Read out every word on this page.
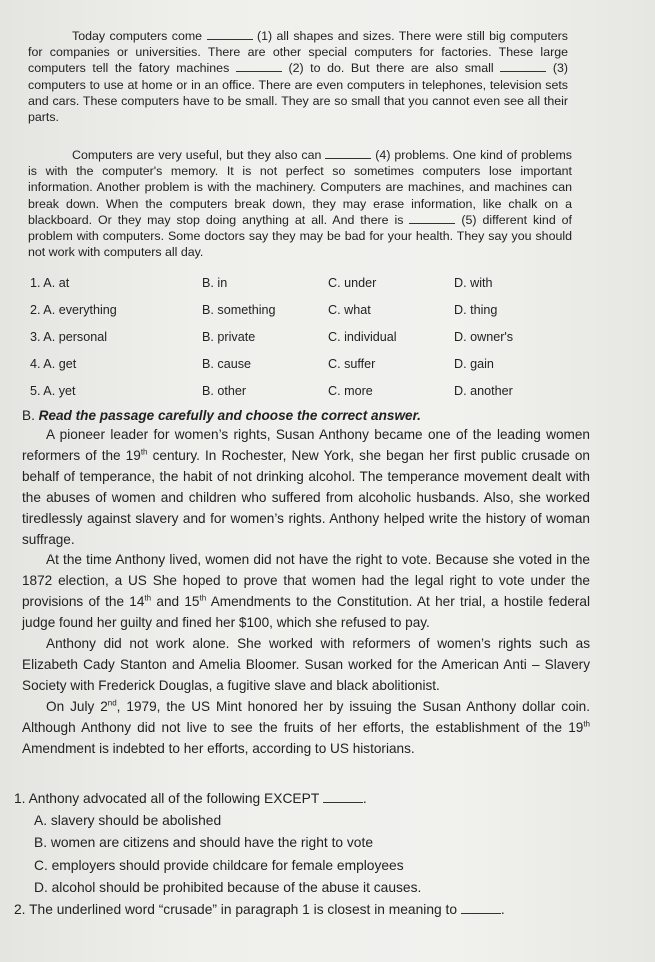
Today computers come	(1) all shapes and sizes. There were still big computers for companies or universities. There are other special computers for factories. These large computers tell the fatory machines	(2) to do. But there are also small	(3) computers to use at home or in an office. There are even computers in telephones, television sets and cars. These computers have to be small. They are so small that you cannot even see all their parts.

Computers are very useful, but they also can	(4) problems. One kind of problems is with the computer's memory. It is not perfect so sometimes computers lose important information. Another problem is with the machinery. Computers are machines, and machines can break down. When the computers break down, they may erase information, like chalk on a blackboard. Or they may stop doing anything at all. And there is	(5) different kind of problem with computers. Some doctors say they may be bad for your health. They say you should not work with computers all day.

1. A. at	B. in	C. under	D. with
2. A. everything	B. something	C. what	D. thing
3. A. personal	B. private	C. individual	D. owner's
4. A. get	B. cause	C. suffer	D. gain
5. A. yet	B. other	C. more	D. another
B. Read the passage carefully and choose the correct answer.

A pioneer leader for women’s rights, Susan Anthony became one of the leading women reformers of the 19th century. In Rochester, New York, she began her first public crusade on behalf of temperance, the habit of not drinking alcohol. The temperance movement dealt with the abuses of women and children who suffered from alcoholic husbands. Also, she worked tiredlessly against slavery and for women’s rights. Anthony helped write the history of woman suffrage.

At the time Anthony lived, women did not have the right to vote. Because she voted in the 1872 election, a US She hoped to prove that women had the legal right to vote under the provisions of the 14th and 15th Amendments to the Constitution. At her trial, a hostile federal judge found her guilty and fined her $100, which she refused to pay.

Anthony did not work alone. She worked with reformers of women’s rights such as Elizabeth Cady Stanton and Amelia Bloomer. Susan worked for the American Anti – Slavery Society with Frederick Douglas, a fugitive slave and black abolitionist.

On July 2nd, 1979, the US Mint honored her by issuing the Susan Anthony dollar coin. Although Anthony did not live to see the fruits of her efforts, the establishment of the 19th Amendment is indebted to her efforts, according to US historians.

1. Anthony advocated all of the following EXCEPT	.

A. slavery should be abolished

B. women are citizens and should have the right to vote

C. employers should provide childcare for female employees

D. alcohol should be prohibited because of the abuse it causes.

2. The underlined word “crusade” in paragraph 1 is closest in meaning to	.
